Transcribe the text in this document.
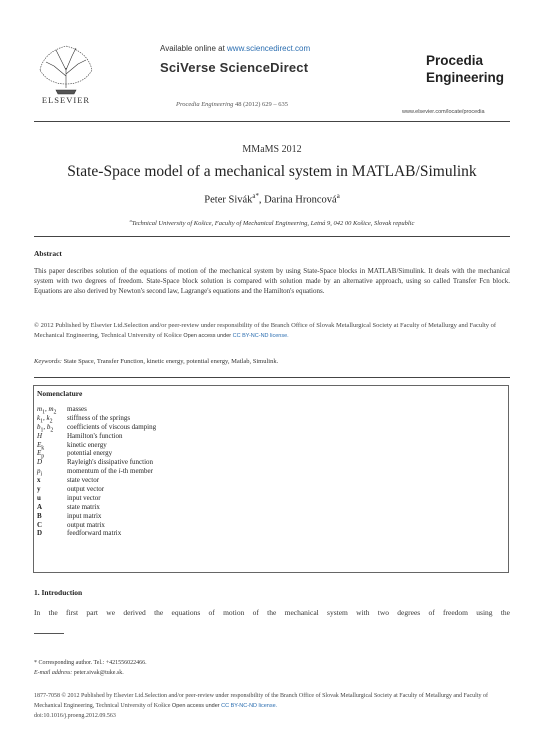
ELSEVIER
Available online at www.sciencedirect.com
SciVerse ScienceDirect
Procedia Engineering 48 (2012) 629 – 635
Procedia
Engineering
www.elsevier.com/locate/procedia
MMaMS 2012
State-Space model of a mechanical system in MATLAB/Simulink
Peter Sivák$^{a*}$, Darina Hroncová$^a$
$^a$Technical University of Košice, Faculty of Mechanical Engineering, Letná 9, 042 00 Košice, Slovak republic
Abstract
This paper describes solution of the equations of motion of the mechanical system by using State-Space blocks in MATLAB/Simulink. It deals with the mechanical system with two degrees of freedom. State-Space block solution is compared with solution made by an alternative approach, using so called Transfer Fcn block. Equations are also derived by Newton's second law, Lagrange's equations and the Hamilton's equations.
© 2012 Published by Elsevier Ltd.Selection and/or peer-review under responsibility of the Branch Office of Slovak Metallurgical Society at Faculty of Metallurgy and Faculty of Mechanical Engineering, Technical University of Košice Open access under CC BY-NC-ND license.
Keywords: State Space, Transfer Function, kinetic energy, potential energy, Matlab, Simulink.
Nomenclature
$m_1$, $m_2$	masses
$k_1$, $k_2$	stiffness of the springs
$b_1$, $b_2$	coefficients of viscous damping
H	Hamilton's function
$E_k$	kinetic energy
$E_p$	potential energy
D	Rayleigh's dissipative function
$p_i$	momentum of the i-th member
x	state vector
y	output vector
u	input vector
A	state matrix
B	input matrix
C	output matrix
D	feedforward matrix
1. Introduction
In the first part we derived the equations of motion of the mechanical system with two degrees of freedom using the
* Corresponding author. Tel.: +421556022466.
E-mail address: peter.sivak@tuke.sk.
1877-7058 © 2012 Published by Elsevier Ltd.Selection and/or peer-review under responsibility of the Branch Office of Slovak Metallurgical Society at Faculty of Metallurgy and Faculty of Mechanical Engineering, Technical University of Košice Open access under CC BY-NC-ND license.
doi:10.1016/j.proeng.2012.09.563
